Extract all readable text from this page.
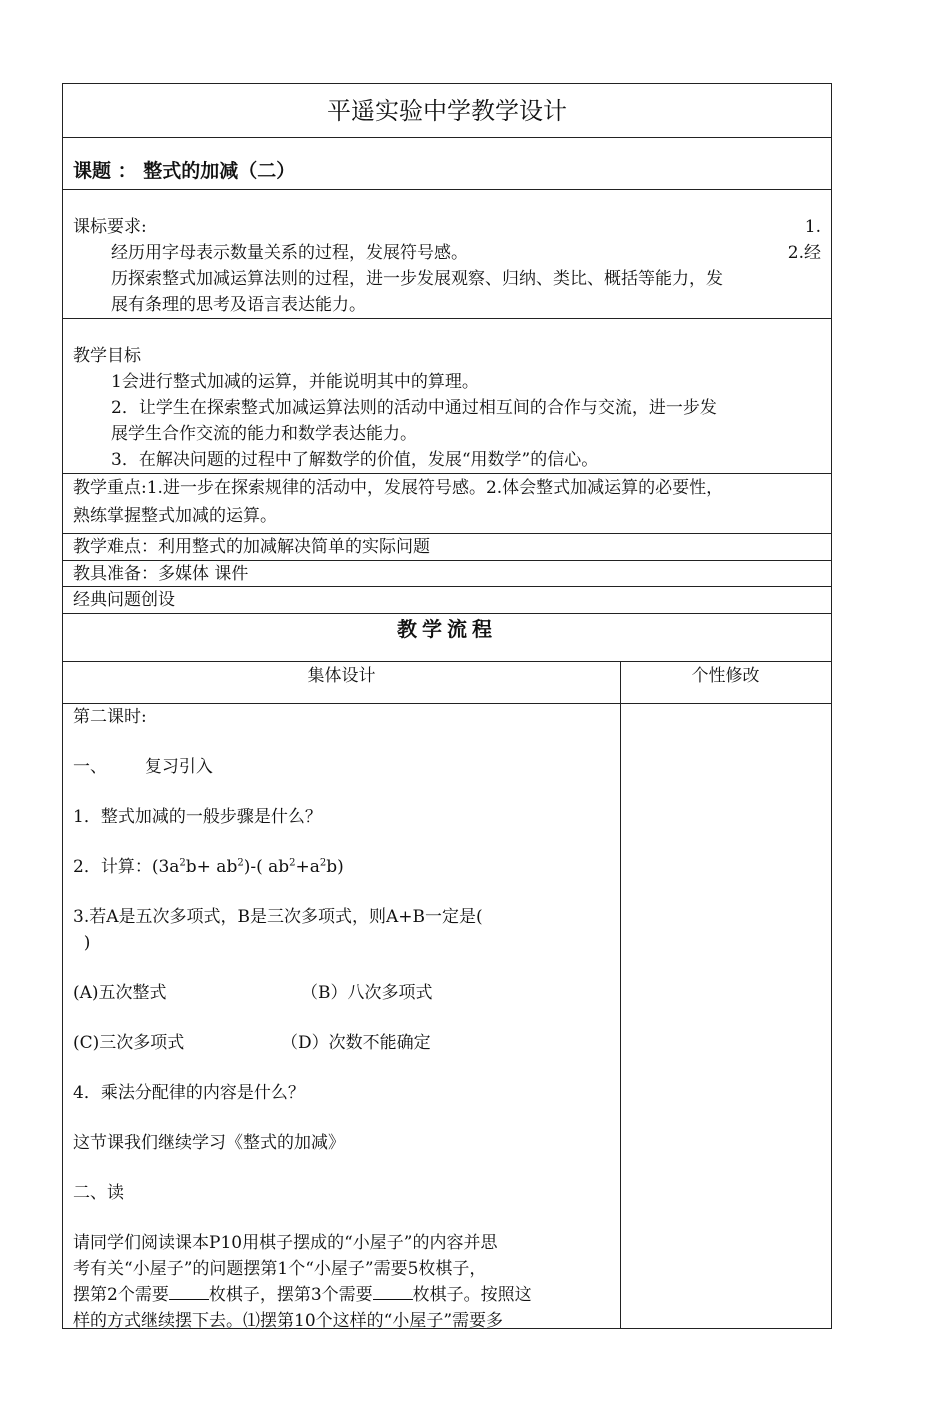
平遥实验中学教学设计
课题 ： 整式的加减（二）
课标要求:	1.
经历用字母表示数量关系的过程，发展符号感。	2.经
历探索整式加减运算法则的过程，进一步发展观察、归纳、类比、概括等能力，发
展有条理的思考及语言表达能力。
教学目标
1会进行整式加减的运算，并能说明其中的算理。
2．让学生在探索整式加减运算法则的活动中通过相互间的合作与交流，进一步发
展学生合作交流的能力和数学表达能力。
3．在解决问题的过程中了解数学的价值，发展“用数学”的信心。
教学重点:1.进一步在探索规律的活动中，发展符号感。2.体会整式加减运算的必要性，
熟练掌握整式加减的运算。
教学难点：利用整式的加减解决简单的实际问题
教具准备：多媒体 课件
经典问题创设
教学流程
集体设计	个性修改

第二课时:

一、       复习引入

1．整式加减的一般步骤是什么？

2．计算：$(3a^2b+ ab^2)-$( $ab^2+a^2b$)

3.若A是五次多项式，B是三次多项式，则A+B一定是(
)

(A)五次整式	（B）八次多项式

(C)三次多项式	（D）次数不能确定

4．乘法分配律的内容是什么？

这节课我们继续学习《整式的加减》

二、读

请同学们阅读课本P10用棋子摆成的“小屋子”的内容并思
考有关“小屋子”的问题摆第1个“小屋子”需要5枚棋子，
摆第2个需要 枚棋子，摆第3个需要 枚棋子。按照这
样的方式继续摆下去。⑴摆第10个这样的“小屋子”需要多
